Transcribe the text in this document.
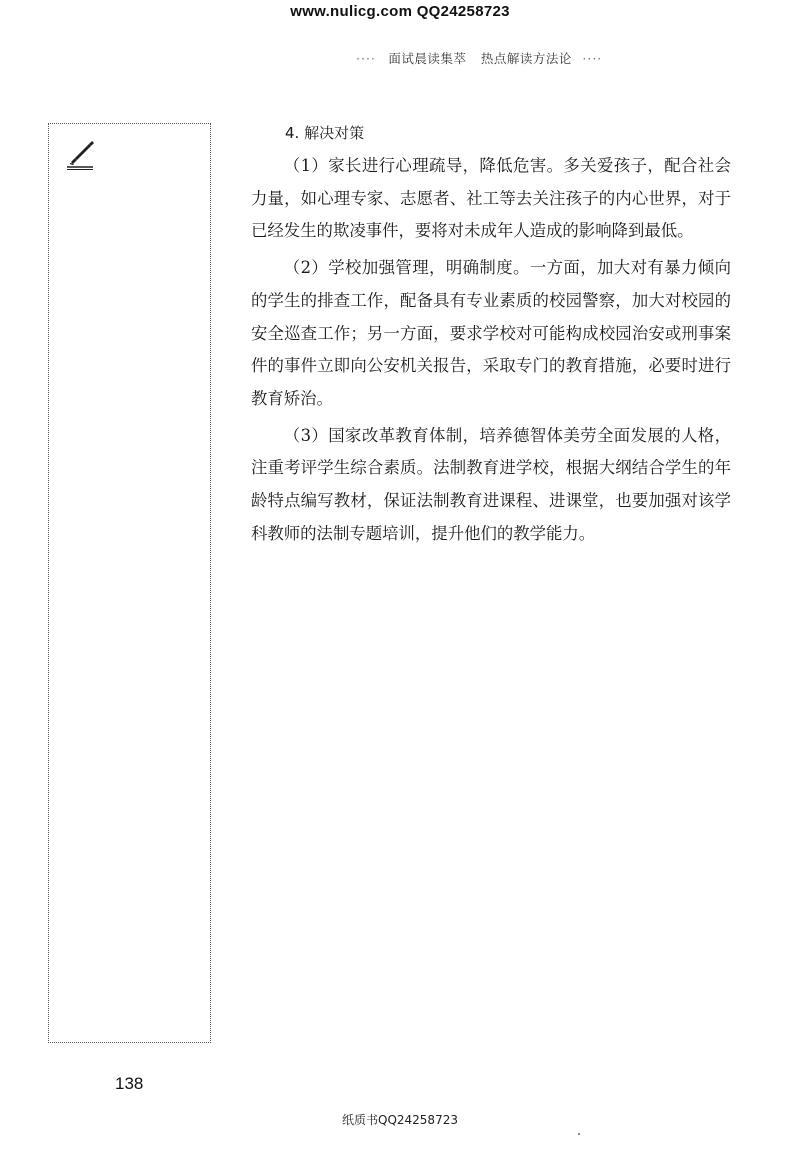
www.nulicg.com QQ24258723
···· 面试晨读集萃 热点解读方法论 ····
4. 解决对策

（1）家长进行心理疏导，降低危害。多关爱孩子，配合社会力量，如心理专家、志愿者、社工等去关注孩子的内心世界，对于已经发生的欺凌事件，要将对未成年人造成的影响降到最低。

（2）学校加强管理，明确制度。一方面，加大对有暴力倾向的学生的排查工作，配备具有专业素质的校园警察，加大对校园的安全巡查工作；另一方面，要求学校对可能构成校园治安或刑事案件的事件立即向公安机关报告，采取专门的教育措施，必要时进行教育矫治。

（3）国家改革教育体制，培养德智体美劳全面发展的人格，注重考评学生综合素质。法制教育进学校，根据大纲结合学生的年龄特点编写教材，保证法制教育进课程、进课堂，也要加强对该学科教师的法制专题培训，提升他们的教学能力。

138
纸质书QQ24258723
